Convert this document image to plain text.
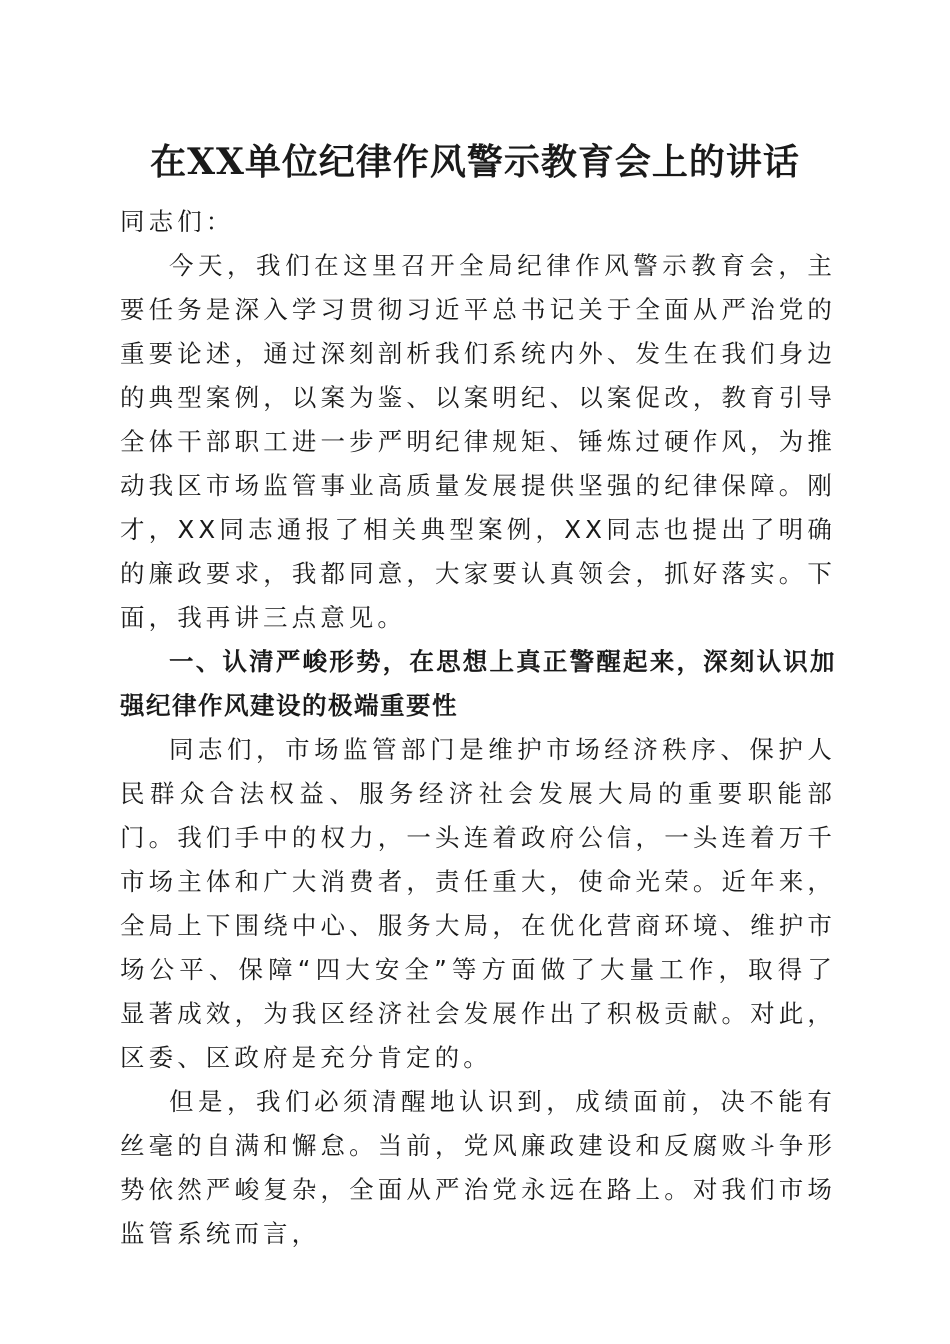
在XX单位纪律作风警示教育会上的讲话

同志们：

今天，我们在这里召开全局纪律作风警示教育会，主要任务是深入学习贯彻习近平总书记关于全面从严治党的重要论述，通过深刻剖析我们系统内外、发生在我们身边的典型案例，以案为鉴、以案明纪、以案促改，教育引导全体干部职工进一步严明纪律规矩、锤炼过硬作风，为推动我区市场监管事业高质量发展提供坚强的纪律保障。刚才，XX同志通报了相关典型案例，XX同志也提出了明确的廉政要求，我都同意，大家要认真领会，抓好落实。下面，我再讲三点意见。

一、认清严峻形势，在思想上真正警醒起来，深刻认识加强纪律作风建设的极端重要性

同志们，市场监管部门是维护市场经济秩序、保护人民群众合法权益、服务经济社会发展大局的重要职能部门。我们手中的权力，一头连着政府公信，一头连着万千市场主体和广大消费者，责任重大，使命光荣。近年来，全局上下围绕中心、服务大局，在优化营商环境、维护市场公平、保障“四大安全”等方面做了大量工作，取得了显著成效，为我区经济社会发展作出了积极贡献。对此，区委、区政府是充分肯定的。

但是，我们必须清醒地认识到，成绩面前，决不能有丝毫的自满和懈怠。当前，党风廉政建设和反腐败斗争形势依然严峻复杂，全面从严治党永远在路上。对我们市场监管系统而言，
